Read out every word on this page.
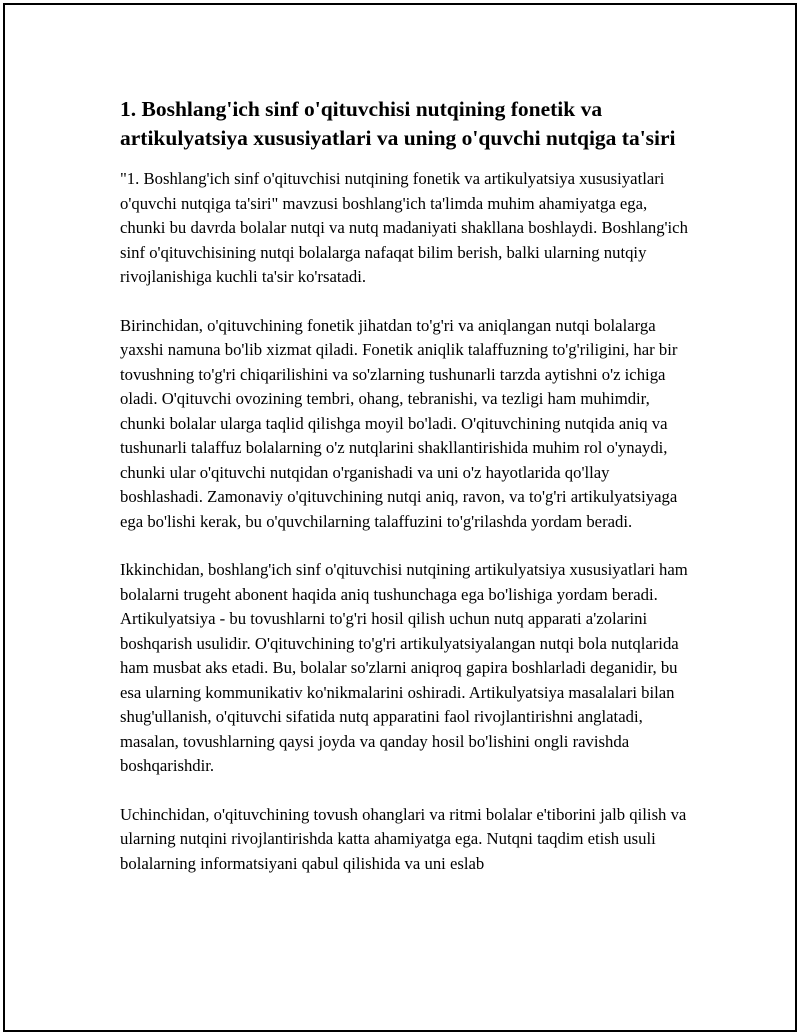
1. Boshlang'ich sinf o'qituvchisi nutqining fonetik va artikulyatsiya xususiyatlari va uning o'quvchi nutqiga ta'siri

"1. Boshlang'ich sinf o'qituvchisi nutqining fonetik va artikulyatsiya xususiyatlari o'quvchi nutqiga ta'siri" mavzusi boshlang'ich ta'limda muhim ahamiyatga ega, chunki bu davrda bolalar nutqi va nutq madaniyati shakllana boshlaydi. Boshlang'ich sinf o'qituvchisining nutqi bolalarga nafaqat bilim berish, balki ularning nutqiy rivojlanishiga kuchli ta'sir ko'rsatadi.

Birinchidan, o'qituvchining fonetik jihatdan to'g'ri va aniqlangan nutqi bolalarga yaxshi namuna bo'lib xizmat qiladi. Fonetik aniqlik talaffuzning to'g'riligini, har bir tovushning to'g'ri chiqarilishini va so'zlarning tushunarli tarzda aytishni o'z ichiga oladi. O'qituvchi ovozining tembri, ohang, tebranishi, va tezligi ham muhimdir, chunki bolalar ularga taqlid qilishga moyil bo'ladi. O'qituvchining nutqida aniq va tushunarli talaffuz bolalarning o'z nutqlarini shakllantirishida muhim rol o'ynaydi, chunki ular o'qituvchi nutqidan o'rganishadi va uni o'z hayotlarida qo'llay boshlashadi. Zamonaviy o'qituvchining nutqi aniq, ravon, va to'g'ri artikulyatsiyaga ega bo'lishi kerak, bu o'quvchilarning talaffuzini to'g'rilashda yordam beradi.

Ikkinchidan, boshlang'ich sinf o'qituvchisi nutqining artikulyatsiya xususiyatlari ham bolalarni trugeht abonent haqida aniq tushunchaga ega bo'lishiga yordam beradi. Artikulyatsiya - bu tovushlarni to'g'ri hosil qilish uchun nutq apparati a'zolarini boshqarish usulidir. O'qituvchining to'g'ri artikulyatsiyalangan nutqi bola nutqlarida ham musbat aks etadi. Bu, bolalar so'zlarni aniqroq gapira boshlarladi deganidir, bu esa ularning kommunikativ ko'nikmalarini oshiradi. Artikulyatsiya masalalari bilan shug'ullanish, o'qituvchi sifatida nutq apparatini faol rivojlantirishni anglatadi, masalan, tovushlarning qaysi joyda va qanday hosil bo'lishini ongli ravishda boshqarishdir.

Uchinchidan, o'qituvchining tovush ohanglari va ritmi bolalar e'tiborini jalb qilish va ularning nutqini rivojlantirishda katta ahamiyatga ega. Nutqni taqdim etish usuli bolalarning informatsiyani qabul qilishida va uni eslab
